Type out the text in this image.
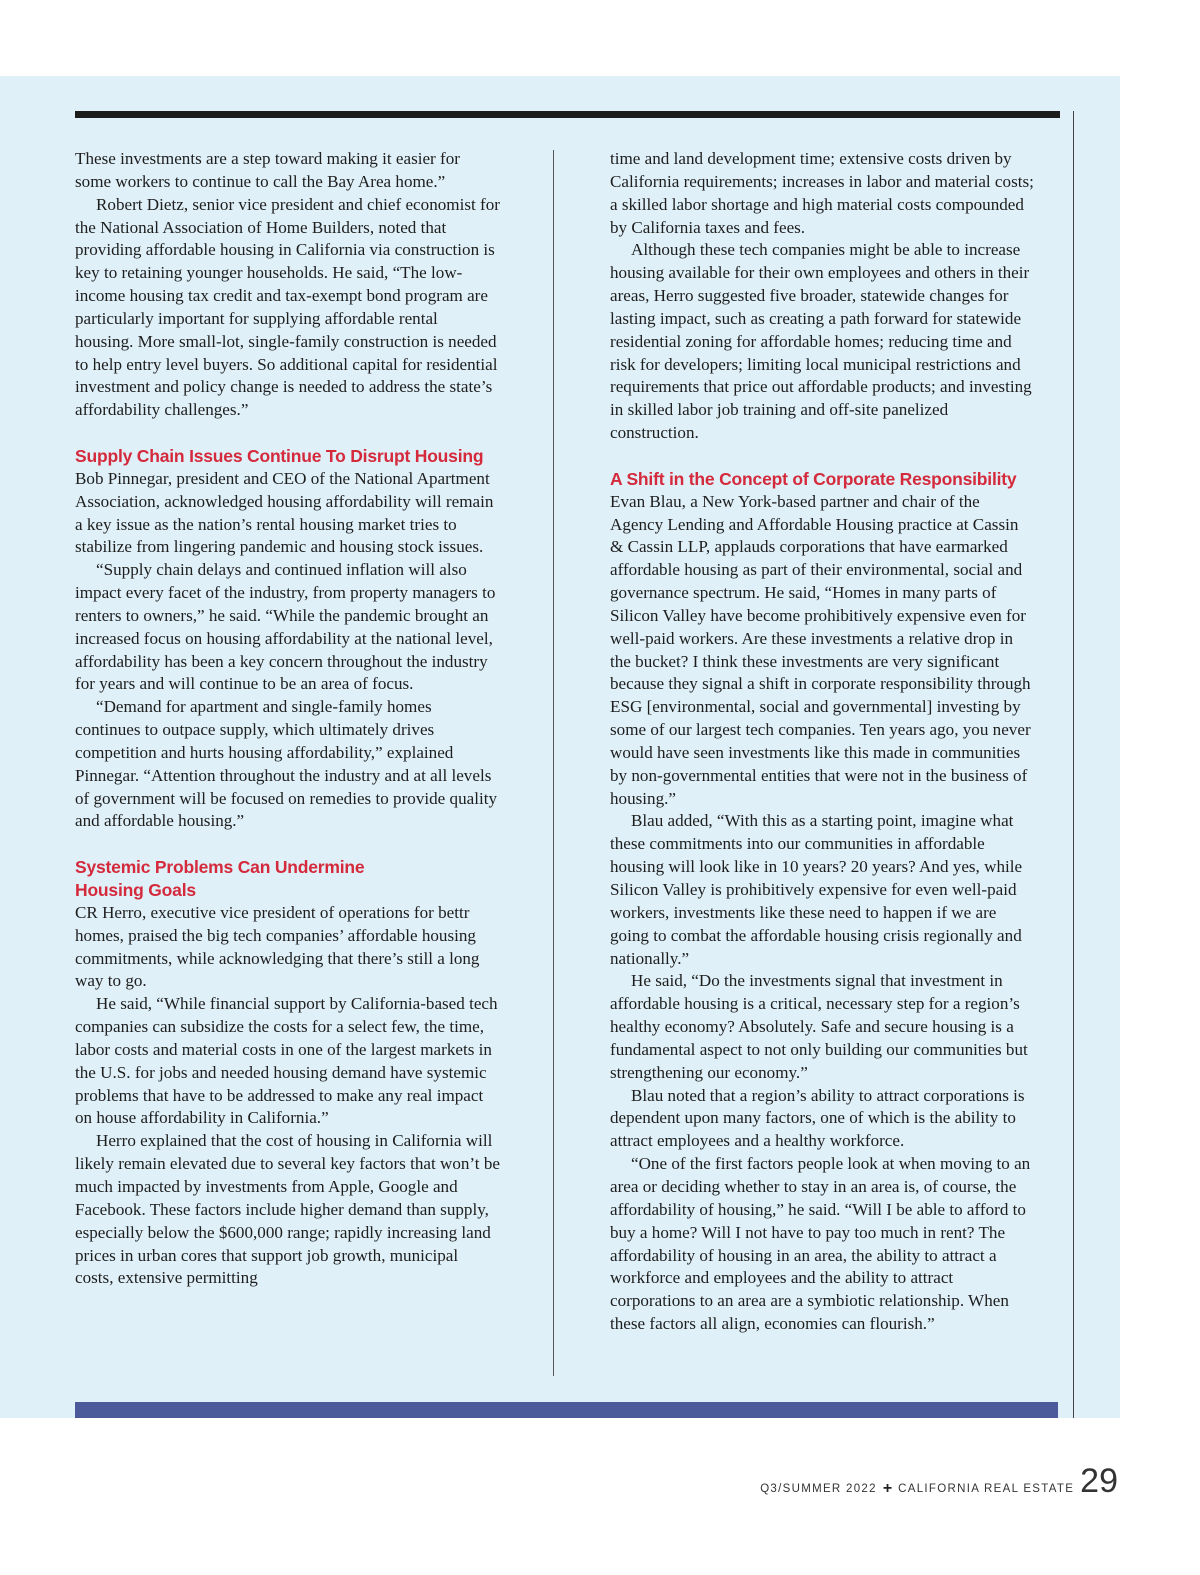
These investments are a step toward making it easier for some workers to continue to call the Bay Area home.”

Robert Dietz, senior vice president and chief economist for the National Association of Home Builders, noted that providing affordable housing in California via construction is key to retaining younger households. He said, “The low-income housing tax credit and tax-exempt bond program are particularly important for supplying affordable rental housing. More small-lot, single-family construction is needed to help entry level buyers. So additional capital for residential investment and policy change is needed to address the state’s affordability challenges.”

Supply Chain Issues Continue To Disrupt Housing

Bob Pinnegar, president and CEO of the National Apartment Association, acknowledged housing affordability will remain a key issue as the nation’s rental housing market tries to stabilize from lingering pandemic and housing stock issues.

“Supply chain delays and continued inflation will also impact every facet of the industry, from property managers to renters to owners,” he said. “While the pandemic brought an increased focus on housing affordability at the national level, affordability has been a key concern throughout the industry for years and will continue to be an area of focus.

“Demand for apartment and single-family homes continues to outpace supply, which ultimately drives competition and hurts housing affordability,” explained Pinnegar. “Attention throughout the industry and at all levels of government will be focused on remedies to provide quality and affordable housing.”

Systemic Problems Can Undermine
Housing Goals

CR Herro, executive vice president of operations for bettr homes, praised the big tech companies’ affordable housing commitments, while acknowledging that there’s still a long way to go.

He said, “While financial support by California-based tech companies can subsidize the costs for a select few, the time, labor costs and material costs in one of the largest markets in the U.S. for jobs and needed housing demand have systemic problems that have to be addressed to make any real impact on house affordability in California.”

Herro explained that the cost of housing in California will likely remain elevated due to several key factors that won’t be much impacted by investments from Apple, Google and Facebook. These factors include higher demand than supply, especially below the $600,000 range; rapidly increasing land prices in urban cores that support job growth, municipal costs, extensive permitting

time and land development time; extensive costs driven by California requirements; increases in labor and material costs; a skilled labor shortage and high material costs compounded by California taxes and fees.

Although these tech companies might be able to increase housing available for their own employees and others in their areas, Herro suggested five broader, statewide changes for lasting impact, such as creating a path forward for statewide residential zoning for affordable homes; reducing time and risk for developers; limiting local municipal restrictions and requirements that price out affordable products; and investing in skilled labor job training and off-site panelized construction.

A Shift in the Concept of Corporate Responsibility

Evan Blau, a New York-based partner and chair of the Agency Lending and Affordable Housing practice at Cassin & Cassin LLP, applauds corporations that have earmarked affordable housing as part of their environmental, social and governance spectrum. He said, “Homes in many parts of Silicon Valley have become prohibitively expensive even for well-paid workers. Are these investments a relative drop in the bucket? I think these investments are very significant because they signal a shift in corporate responsibility through ESG [environmental, social and governmental] investing by some of our largest tech companies. Ten years ago, you never would have seen investments like this made in communities by non-governmental entities that were not in the business of housing.”

Blau added, “With this as a starting point, imagine what these commitments into our communities in affordable housing will look like in 10 years? 20 years? And yes, while Silicon Valley is prohibitively expensive for even well-paid workers, investments like these need to happen if we are going to combat the affordable housing crisis regionally and nationally.”

He said, “Do the investments signal that investment in affordable housing is a critical, necessary step for a region’s healthy economy? Absolutely. Safe and secure housing is a fundamental aspect to not only building our communities but strengthening our economy.”

Blau noted that a region’s ability to attract corporations is dependent upon many factors, one of which is the ability to attract employees and a healthy workforce.

“One of the first factors people look at when moving to an area or deciding whether to stay in an area is, of course, the affordability of housing,” he said. “Will I be able to afford to buy a home? Will I not have to pay too much in rent? The affordability of housing in an area, the ability to attract a workforce and employees and the ability to attract corporations to an area are a symbiotic relationship. When these factors all align, economies can flourish.”

Q3/SUMMER 2022 + CALIFORNIA REAL ESTATE 29
